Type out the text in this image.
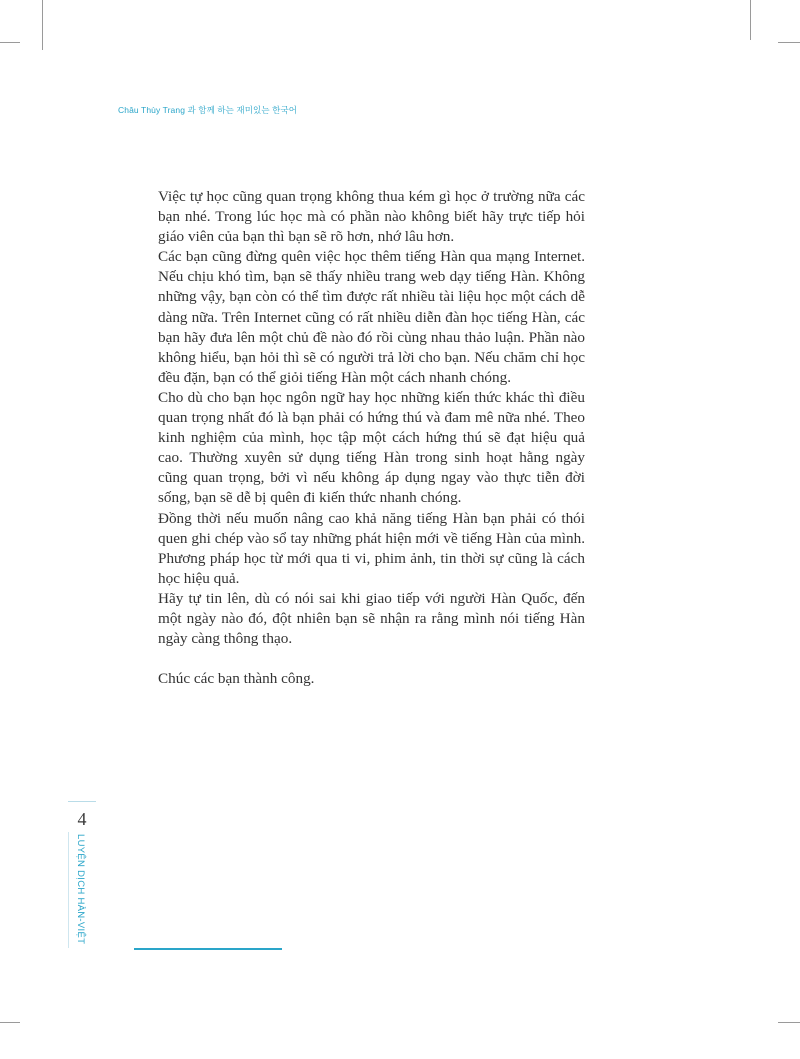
Châu Thùy Trang 과 함께 하는 재미있는 한국어

Việc tự học cũng quan trọng không thua kém gì học ở trường nữa các bạn nhé. Trong lúc học mà có phần nào không biết hãy trực tiếp hỏi giáo viên của bạn thì bạn sẽ rõ hơn, nhớ lâu hơn.

Các bạn cũng đừng quên việc học thêm tiếng Hàn qua mạng Internet. Nếu chịu khó tìm, bạn sẽ thấy nhiều trang web dạy tiếng Hàn. Không những vậy, bạn còn có thể tìm được rất nhiều tài liệu học một cách dễ dàng nữa. Trên Internet cũng có rất nhiều diễn đàn học tiếng Hàn, các bạn hãy đưa lên một chủ đề nào đó rồi cùng nhau thảo luận. Phần nào không hiểu, bạn hỏi thì sẽ có người trả lời cho bạn. Nếu chăm chỉ học đều đặn, bạn có thể giỏi tiếng Hàn một cách nhanh chóng.

Cho dù cho bạn học ngôn ngữ hay học những kiến thức khác thì điều quan trọng nhất đó là bạn phải có hứng thú và đam mê nữa nhé. Theo kinh nghiệm của mình, học tập một cách hứng thú sẽ đạt hiệu quả cao. Thường xuyên sử dụng tiếng Hàn trong sinh hoạt hằng ngày cũng quan trọng, bởi vì nếu không áp dụng ngay vào thực tiễn đời sống, bạn sẽ dễ bị quên đi kiến thức nhanh chóng.

Đồng thời nếu muốn nâng cao khả năng tiếng Hàn bạn phải có thói quen ghi chép vào sổ tay những phát hiện mới về tiếng Hàn của mình. Phương pháp học từ mới qua ti vi, phim ảnh, tin thời sự cũng là cách học hiệu quả.

Hãy tự tin lên, dù có nói sai khi giao tiếp với người Hàn Quốc, đến một ngày nào đó, đột nhiên bạn sẽ nhận ra rằng mình nói tiếng Hàn ngày càng thông thạo.

Chúc các bạn thành công.

4
LUYỆN DỊCH HÀN-VIỆT
